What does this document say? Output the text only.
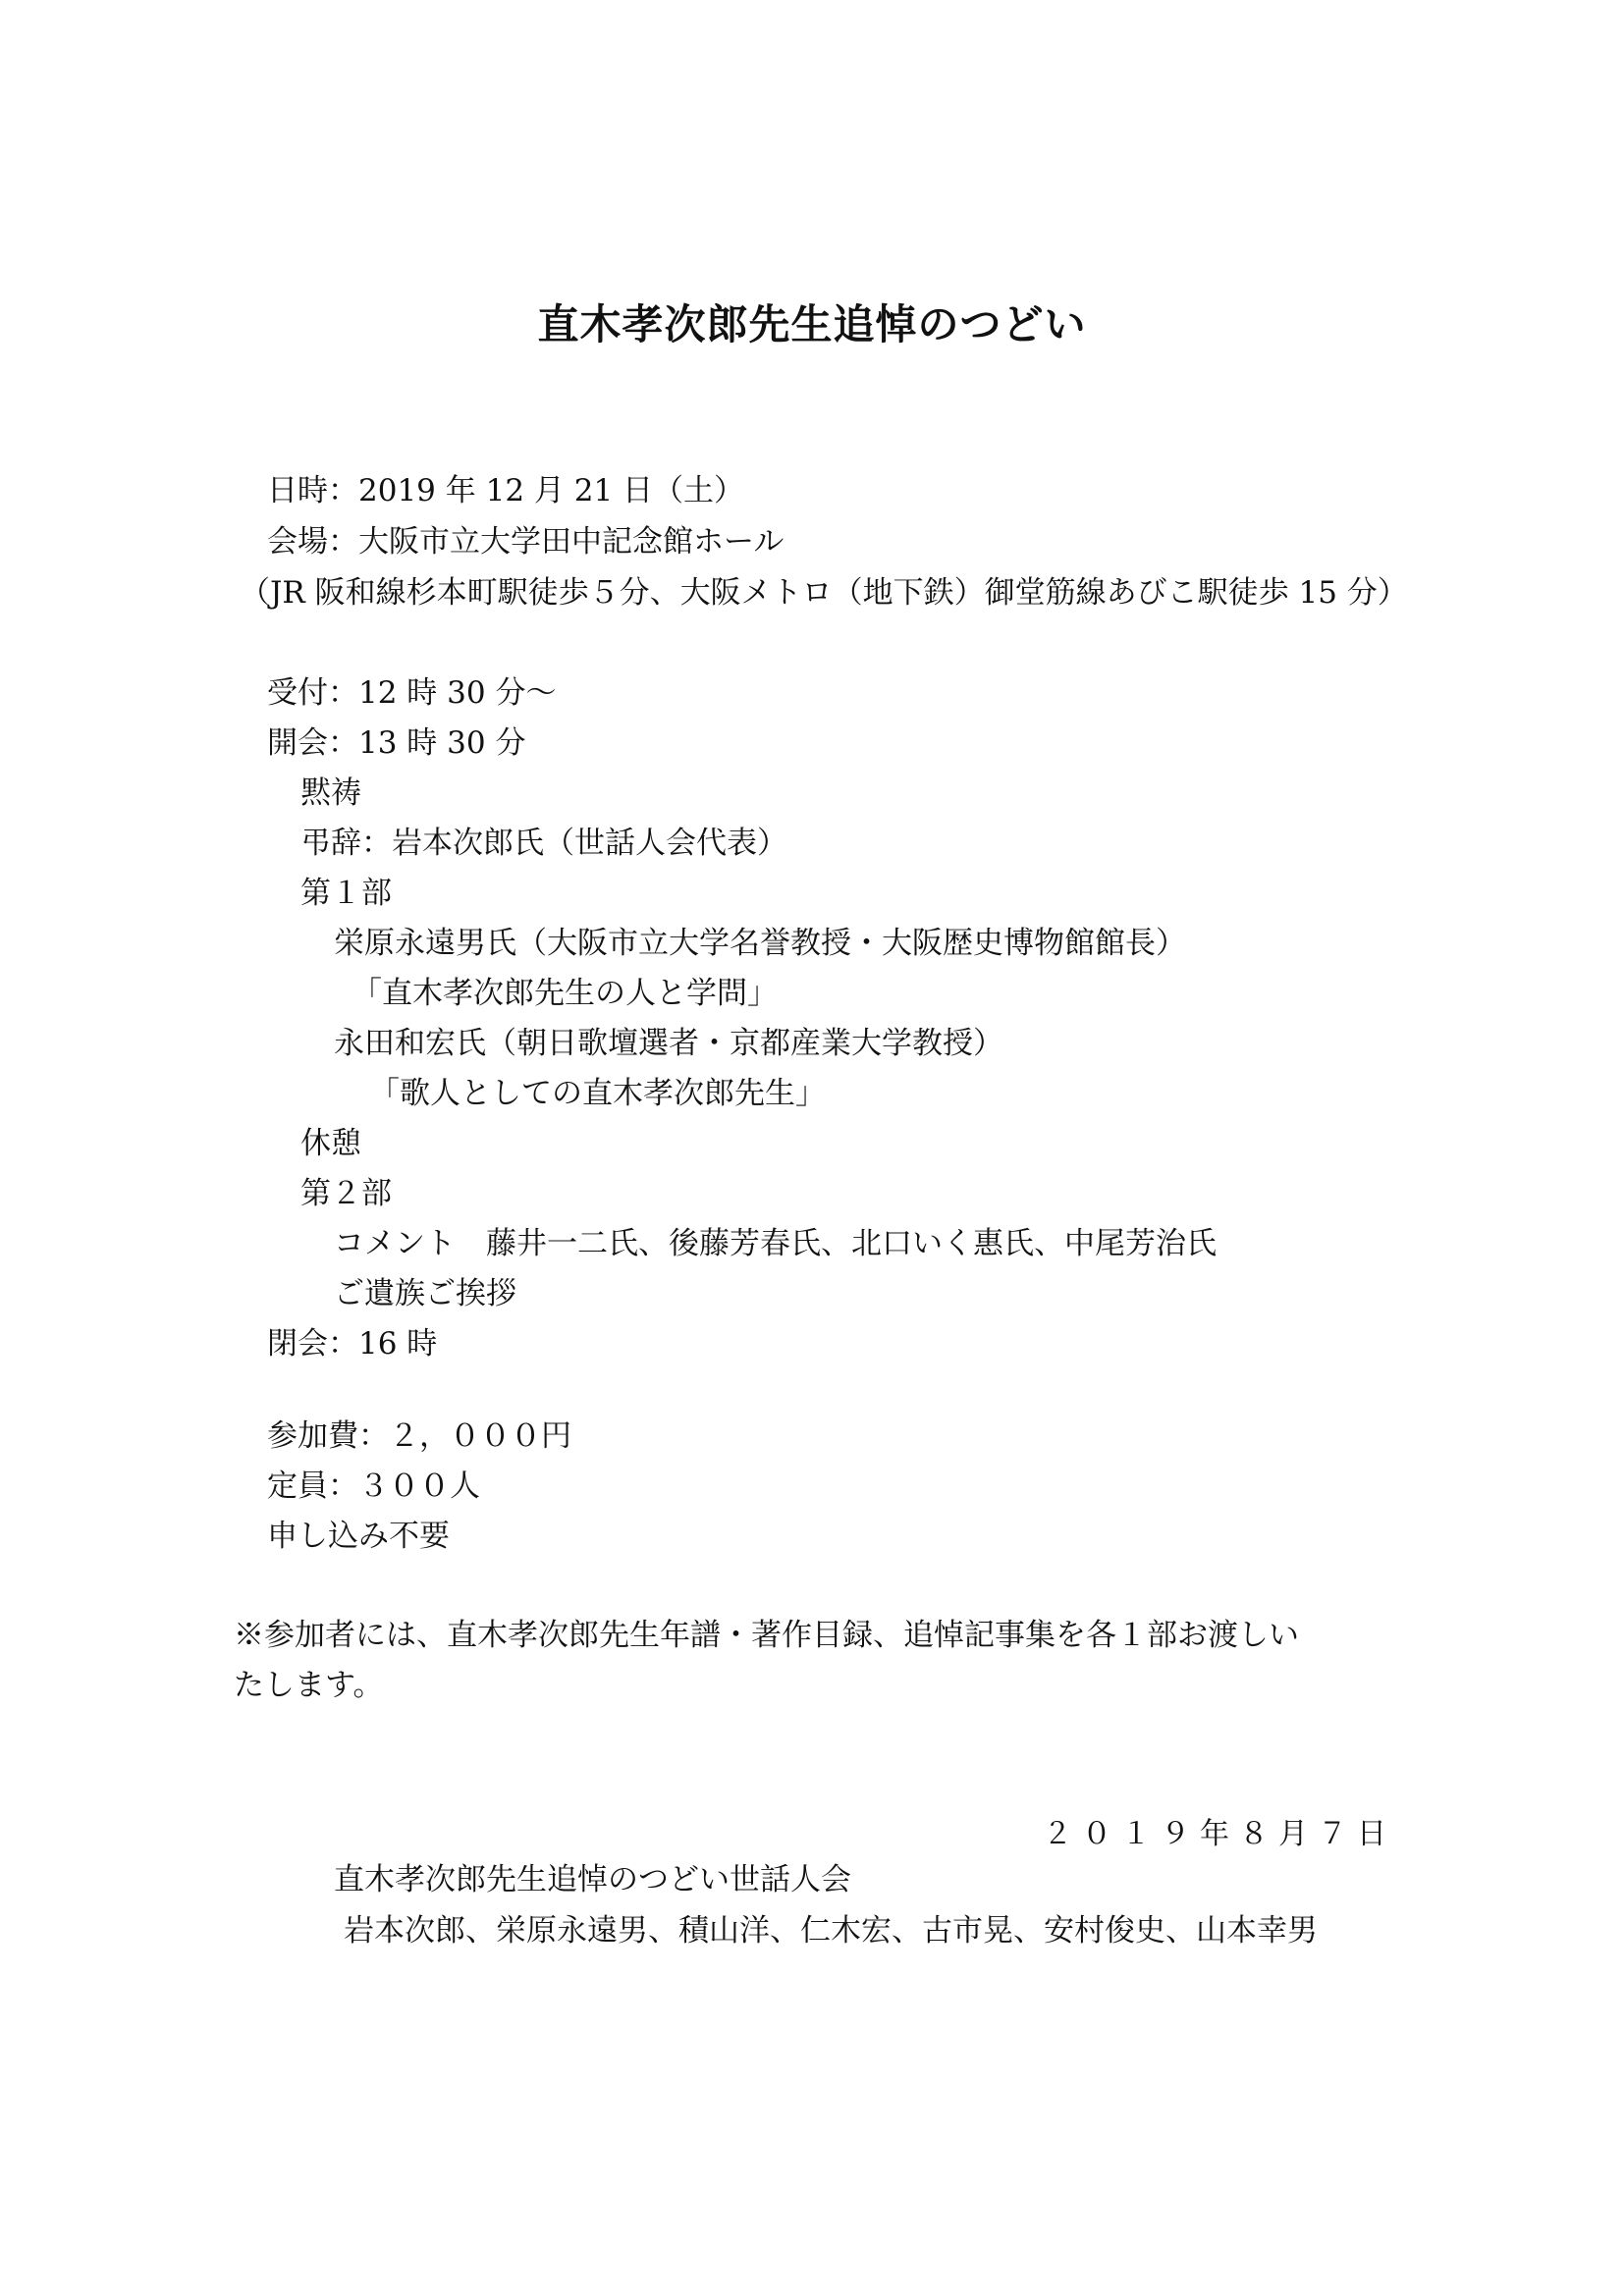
直木孝次郎先生追悼のつどい
日時：2019 年 12 月 21 日（土）
会場：大阪市立大学田中記念館ホール
（JR 阪和線杉本町駅徒歩５分、大阪メトロ（地下鉄）御堂筋線あびこ駅徒歩 15 分）
受付：12 時 30 分～
開会：13 時 30 分
黙祷
弔辞：岩本次郎氏（世話人会代表）
第１部
栄原永遠男氏（大阪市立大学名誉教授・大阪歴史博物館館長）
「直木孝次郎先生の人と学問」
永田和宏氏（朝日歌壇選者・京都産業大学教授）
「歌人としての直木孝次郎先生」
休憩
第２部
コメント　藤井一二氏、後藤芳春氏、北口いく惠氏、中尾芳治氏
ご遺族ご挨拶
閉会：16 時
参加費：２，０００円
定員：３００人
申し込み不要
※参加者には、直木孝次郎先生年譜・著作目録、追悼記事集を各１部お渡しい
たします。
２０１９年８月７日
直木孝次郎先生追悼のつどい世話人会
岩本次郎、栄原永遠男、積山洋、仁木宏、古市晃、安村俊史、山本幸男
